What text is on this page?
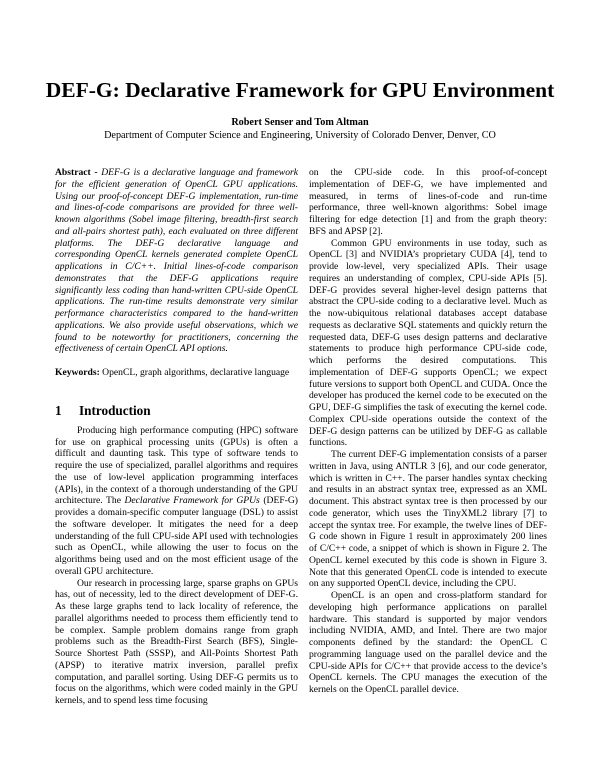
DEF-G: Declarative Framework for GPU Environment
Robert Senser and Tom Altman
Department of Computer Science and Engineering, University of Colorado Denver, Denver, CO

Abstract - DEF-G is a declarative language and framework for the efficient generation of OpenCL GPU applications. Using our proof-of-concept DEF-G implementation, run-time and lines-of-code comparisons are provided for three well-known algorithms (Sobel image filtering, breadth-first search and all-pairs shortest path), each evaluated on three different platforms. The DEF-G declarative language and corresponding OpenCL kernels generated complete OpenCL applications in C/C++. Initial lines-of-code comparison demonstrates that the DEF-G applications require significantly less coding than hand-written CPU-side OpenCL applications. The run-time results demonstrate very similar performance characteristics compared to the hand-written applications. We also provide useful observations, which we found to be noteworthy for practitioners, concerning the effectiveness of certain OpenCL API options.

Keywords: OpenCL, graph algorithms, declarative language

1 Introduction

Producing high performance computing (HPC) software for use on graphical processing units (GPUs) is often a difficult and daunting task. This type of software tends to require the use of specialized, parallel algorithms and requires the use of low-level application programming interfaces (APIs), in the context of a thorough understanding of the GPU architecture. The Declarative Framework for GPUs (DEF-G) provides a domain-specific computer language (DSL) to assist the software developer. It mitigates the need for a deep understanding of the full CPU-side API used with technologies such as OpenCL, while allowing the user to focus on the algorithms being used and on the most efficient usage of the overall GPU architecture.

Our research in processing large, sparse graphs on GPUs has, out of necessity, led to the direct development of DEF-G. As these large graphs tend to lack locality of reference, the parallel algorithms needed to process them efficiently tend to be complex. Sample problem domains range from graph problems such as the Breadth-First Search (BFS), Single-Source Shortest Path (SSSP), and All-Points Shortest Path (APSP) to iterative matrix inversion, parallel prefix computation, and parallel sorting. Using DEF-G permits us to focus on the algorithms, which were coded mainly in the GPU kernels, and to spend less time focusing

on the CPU-side code. In this proof-of-concept implementation of DEF-G, we have implemented and measured, in terms of lines-of-code and run-time performance, three well-known algorithms: Sobel image filtering for edge detection [1] and from the graph theory: BFS and APSP [2].

Common GPU environments in use today, such as OpenCL [3] and NVIDIA’s proprietary CUDA [4], tend to provide low-level, very specialized APIs. Their usage requires an understanding of complex, CPU-side APIs [5]. DEF-G provides several higher-level design patterns that abstract the CPU-side coding to a declarative level. Much as the now-ubiquitous relational databases accept database requests as declarative SQL statements and quickly return the requested data, DEF-G uses design patterns and declarative statements to produce high performance CPU-side code, which performs the desired computations. This implementation of DEF-G supports OpenCL; we expect future versions to support both OpenCL and CUDA. Once the developer has produced the kernel code to be executed on the GPU, DEF-G simplifies the task of executing the kernel code. Complex CPU-side operations outside the context of the DEF-G design patterns can be utilized by DEF-G as callable functions.

The current DEF-G implementation consists of a parser written in Java, using ANTLR 3 [6], and our code generator, which is written in C++. The parser handles syntax checking and results in an abstract syntax tree, expressed as an XML document. This abstract syntax tree is then processed by our code generator, which uses the TinyXML2 library [7] to accept the syntax tree. For example, the twelve lines of DEF-G code shown in Figure 1 result in approximately 200 lines of C/C++ code, a snippet of which is shown in Figure 2. The OpenCL kernel executed by this code is shown in Figure 3. Note that this generated OpenCL code is intended to execute on any supported OpenCL device, including the CPU.

OpenCL is an open and cross-platform standard for developing high performance applications on parallel hardware. This standard is supported by major vendors including NVIDIA, AMD, and Intel. There are two major components defined by the standard: the OpenCL C programming language used on the parallel device and the CPU-side APIs for C/C++ that provide access to the device’s OpenCL kernels. The CPU manages the execution of the kernels on the OpenCL parallel device.
